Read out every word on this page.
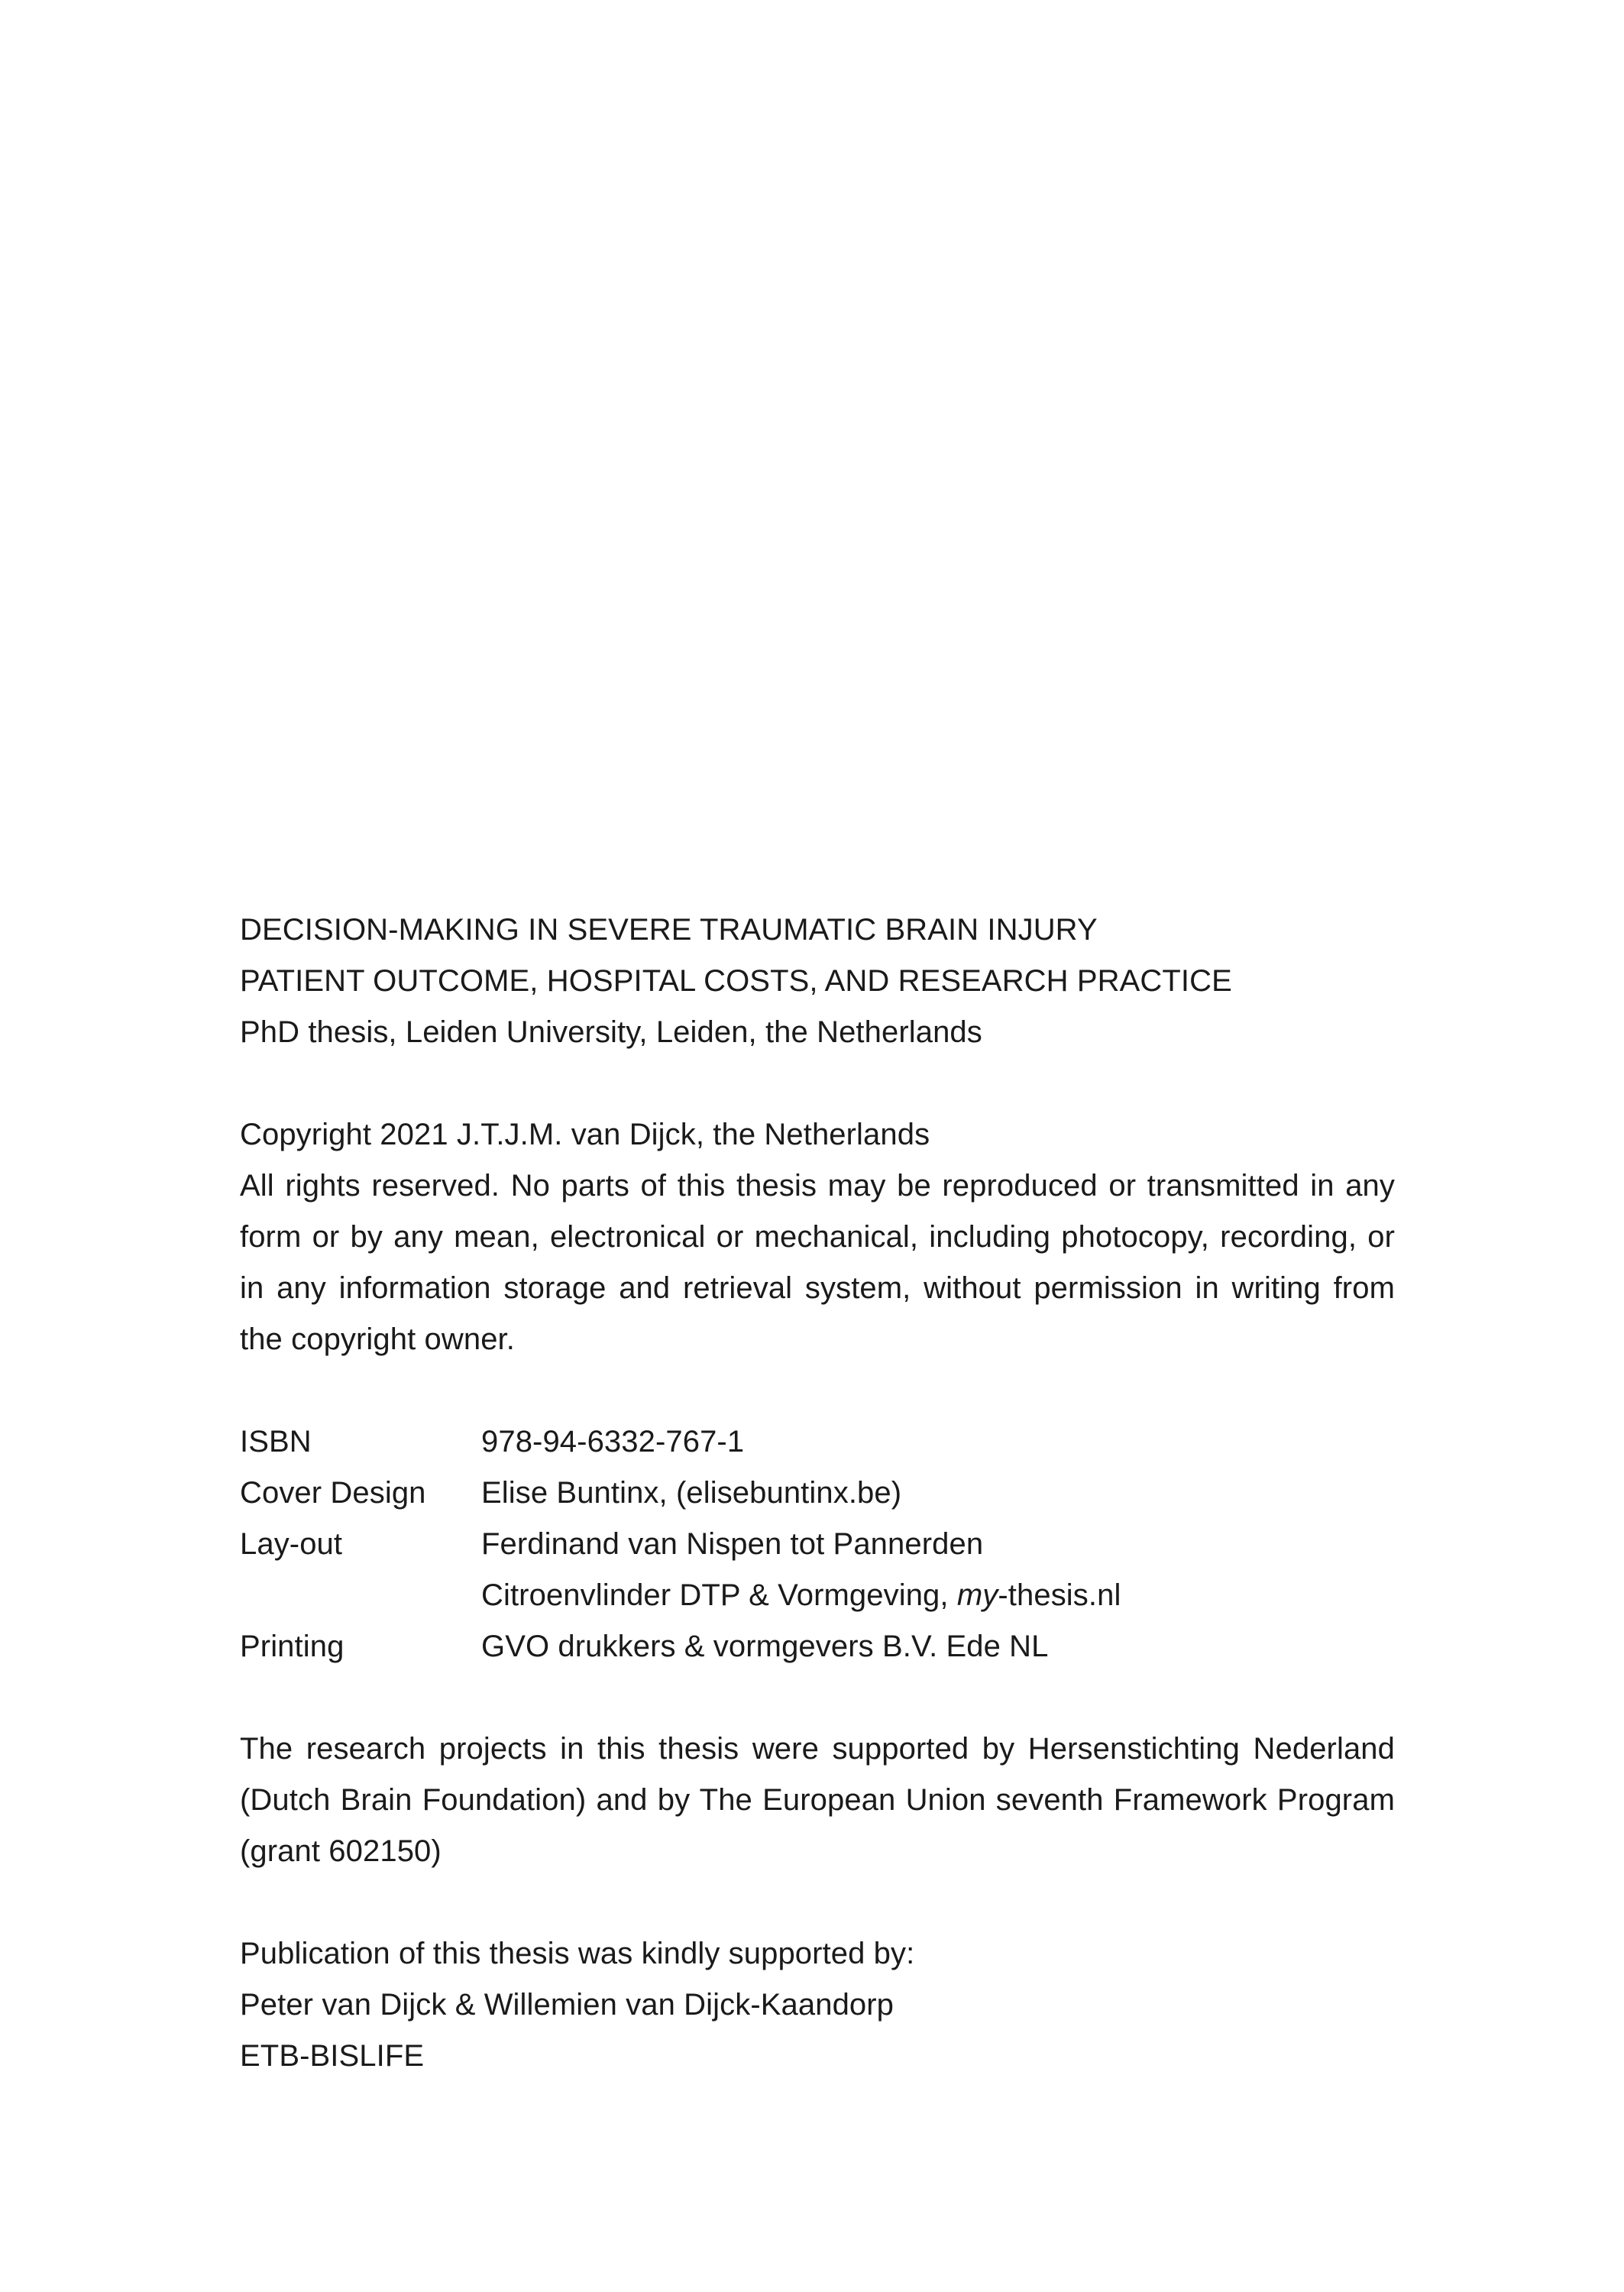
DECISION-MAKING IN SEVERE TRAUMATIC BRAIN INJURY
PATIENT OUTCOME, HOSPITAL COSTS, AND RESEARCH PRACTICE
PhD thesis, Leiden University, Leiden, the Netherlands
Copyright 2021 J.T.J.M. van Dijck, the Netherlands
All rights reserved. No parts of this thesis may be reproduced or transmitted in any form or by any mean, electronical or mechanical, including photocopy, recording, or in any information storage and retrieval system, without permission in writing from the copyright owner.
ISBN	978-94-6332-767-1
Cover Design	Elise Buntinx, (elisebuntinx.be)
Lay-out	Ferdinand van Nispen tot Pannerden
Citroenvlinder DTP & Vormgeving, my-thesis.nl
Printing	GVO drukkers & vormgevers B.V. Ede NL
The research projects in this thesis were supported by Hersenstichting Nederland (Dutch Brain Foundation) and by The European Union seventh Framework Program (grant 602150)
Publication of this thesis was kindly supported by:
Peter van Dijck & Willemien van Dijck-Kaandorp
ETB-BISLIFE
